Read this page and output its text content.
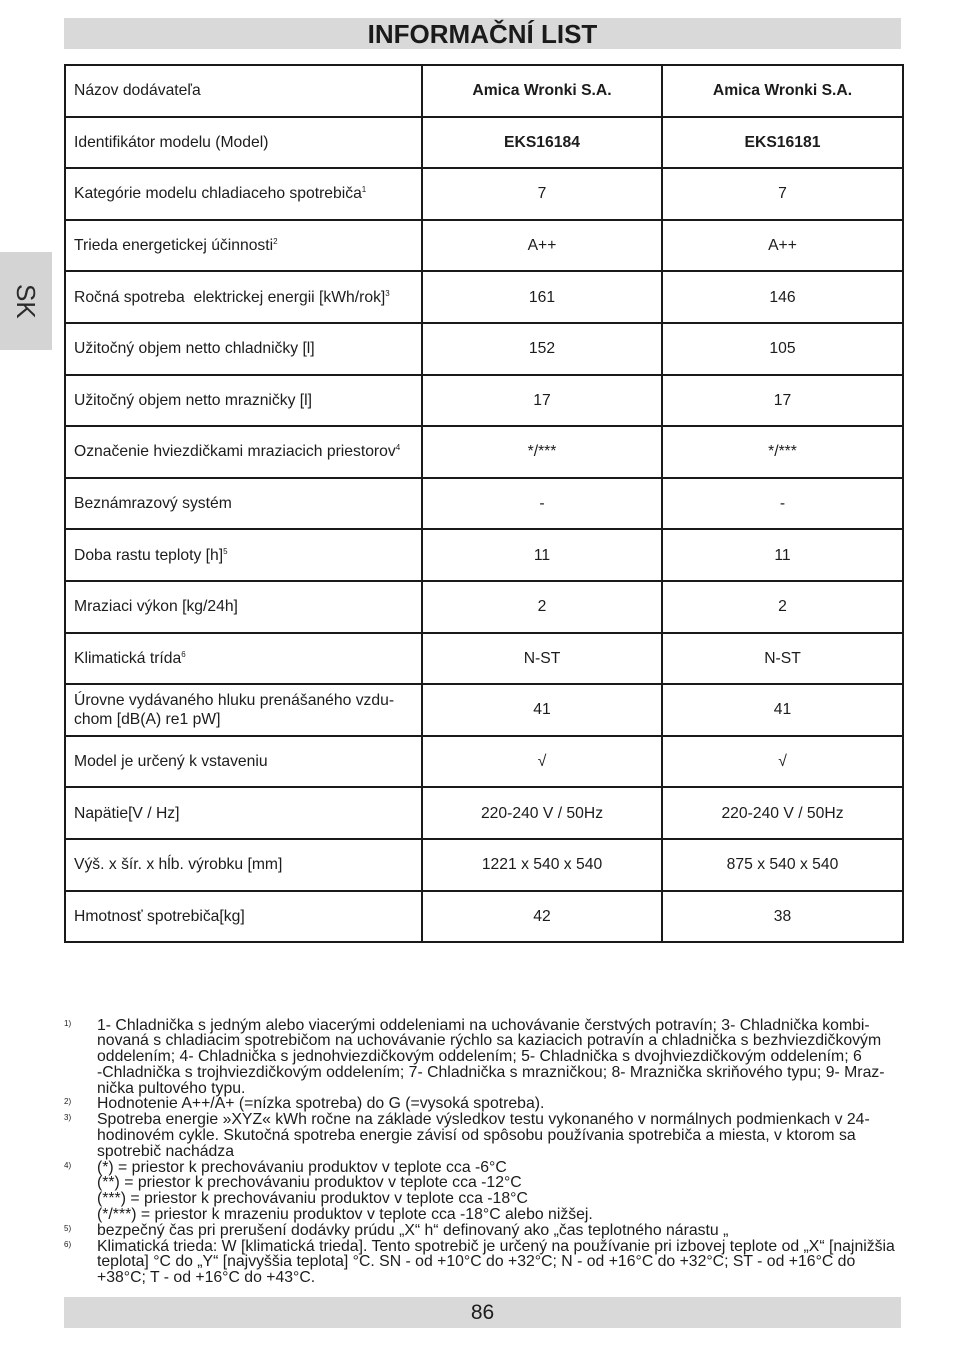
INFORMAČNÍ LIST
SK
Názov dodávateľa	Amica Wronki S.A.	Amica Wronki S.A.
Identifikátor modelu (Model)	EKS16184	EKS16181
Kategórie modelu chladiaceho spotrebiča$^1$	7	7
Trieda energetickej účinnosti$^2$	A++	A++
Ročná spotreba  elektrickej energii [kWh/rok]$^3$	161	146
Užitočný objem netto chladničky [l]	152	105
Užitočný objem netto mrazničky [l]	17	17
Označenie hviezdičkami mraziacich priestorov$^4$	*/***	*/***
Beznámrazový systém	-	-
Doba rastu teploty [h]$^5$	11	11
Mraziaci výkon [kg/24h]	2	2
Klimatická trída$^6$	N-ST	N-ST
Úrovne vydávaného hluku prenášaného vzdu-
chom [dB(A) re1 pW]	41	41
Model je určený k vstaveniu	√	√
Napätie[V / Hz]	220-240 V / 50Hz	220-240 V / 50Hz
Výš. x šír. x hĺb. výrobku [mm]	1221 x 540 x 540	875 x 540 x 540
Hmotnosť spotrebiča[kg]	42	38
1)	1- Chladnička s jedným alebo viacerými oddeleniami na uchovávanie čerstvých potravín; 3- Chladnička kombi-
novaná s chladiacim spotrebičom na uchovávanie rýchlo sa kaziacich potravín a chladnička s bezhviezdičkovým
oddelením; 4- Chladnička s jednohviezdičkovým oddelením; 5- Chladnička s dvojhviezdičkovým oddelením; 6
-Chladnička s trojhviezdičkovým oddelením; 7- Chladnička s mrazničkou; 8- Mraznička skriňového typu; 9- Mraz-
nička pultového typu.
2)	Hodnotenie A++/A+ (=nízka spotreba) do G (=vysoká spotreba).
3)	Spotreba energie »XYZ« kWh ročne na základe výsledkov testu vykonaného v normálnych podmienkach v 24-
hodinovém cykle. Skutočná spotreba energie závisí od spôsobu používania spotrebiča a miesta, v ktorom sa
spotrebič nachádza
4)	(*) = priestor k prechovávaniu produktov v teplote cca -6°C
(**) = priestor k prechovávaniu produktov v teplote cca -12°C
(***) = priestor k prechovávaniu produktov v teplote cca -18°C
(*/***) = priestor k mrazeniu produktov v teplote cca -18°C alebo nižšej.
5)	bezpečný čas pri prerušení dodávky prúdu „X“ h“ definovaný ako „čas teplotného nárastu „
6)	Klimatická trieda: W [klimatická trieda]. Tento spotrebič je určený na používanie pri izbovej teplote od „X“ [najnižšia
teplota] °C do „Y“ [najvyššia teplota] °C. SN - od +10°C do +32°C; N - od +16°C do +32°C; ST - od +16°C do
+38°C; T - od +16°C do +43°C.
86
